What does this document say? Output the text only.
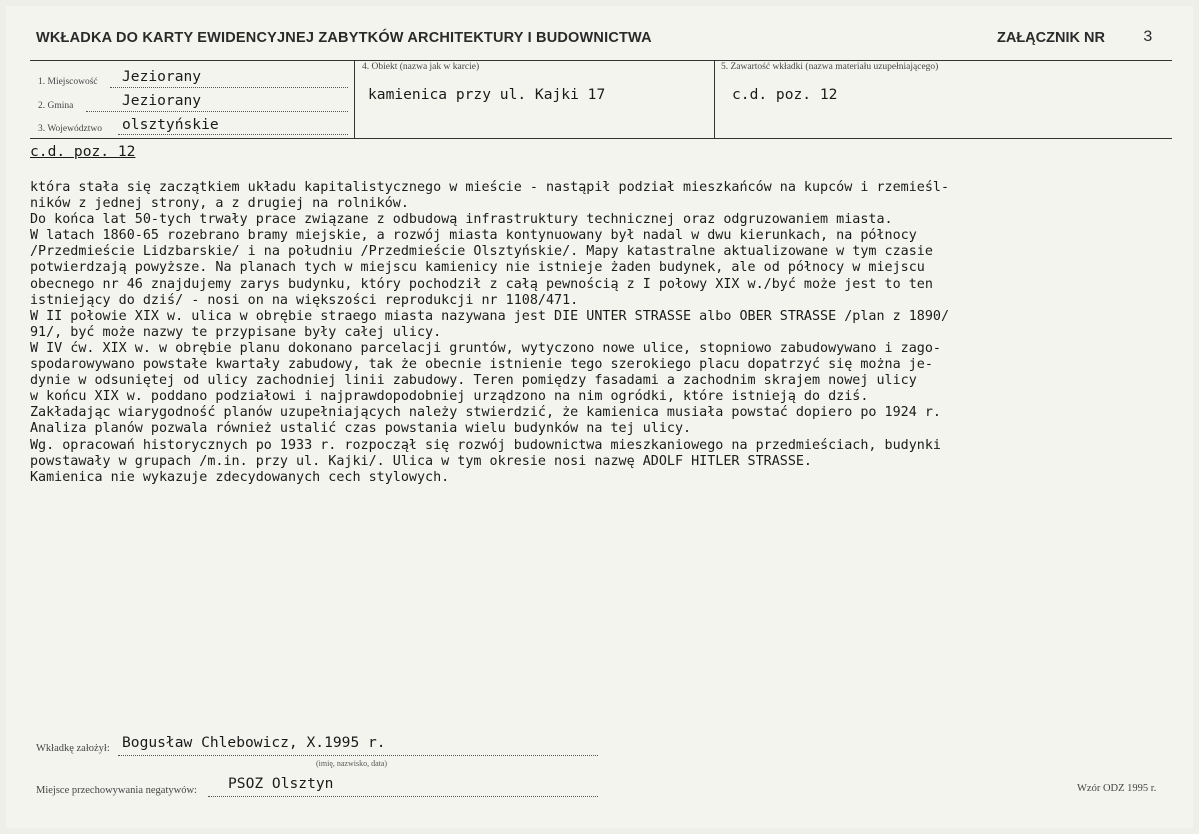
WKŁADKA DO KARTY EWIDENCYJNEJ ZABYTKÓW ARCHITEKTURY I BUDOWNICTWA	ZAŁĄCZNIK NR 3
1. Miejscowość Jeziorany
2. Gmina	Jeziorany
3. Województwo olsztyńskie
4. Obiekt (nazwa jak w karcie)
kamienica przy ul. Kajki 17
5. Zawartość wkładki (nazwa materiału uzupełniającego)
c.d. poz. 12
c.d. poz. 12
która stała się zaczątkiem układu kapitalistycznego w mieście - nastąpił podział mieszkańców na kupców i rzemieśl-
ników z jednej strony, a z drugiej na rolników.
Do końca lat 50-tych trwały prace związane z odbudową infrastruktury technicznej oraz odgruzowaniem miasta.
W latach 1860-65 rozebrano bramy miejskie, a rozwój miasta kontynuowany był nadal w dwu kierunkach, na północy
/Przedmieście Lidzbarskie/ i na południu /Przedmieście Olsztyńskie/. Mapy katastralne aktualizowane w tym czasie
potwierdzają powyższe. Na planach tych w miejscu kamienicy nie istnieje żaden budynek, ale od północy w miejscu
obecnego nr 46 znajdujemy zarys budynku, który pochodził z całą pewnością z I połowy XIX w./być może jest to ten
istniejący do dziś/ - nosi on na większości reprodukcji nr 1108/471.
W II połowie XIX w. ulica w obrębie straego miasta nazywana jest DIE UNTER STRASSE albo OBER STRASSE /plan z 1890/
91/, być może nazwy te przypisane były całej ulicy.
W IV ćw. XIX w. w obrębie planu dokonano parcelacji gruntów, wytyczono nowe ulice, stopniowo zabudowywano i zago-
spodarowywano powstałe kwartały zabudowy, tak że obecnie istnienie tego szerokiego placu dopatrzyć się można je-
dynie w odsuniętej od ulicy zachodniej linii zabudowy. Teren pomiędzy fasadami a zachodnim skrajem nowej ulicy
w końcu XIX w. poddano podziałowi i najprawdopodobniej urządzono na nim ogródki, które istnieją do dziś.
Zakładając wiarygodność planów uzupełniających należy stwierdzić, że kamienica musiała powstać dopiero po 1924 r.
Analiza planów pozwala również ustalić czas powstania wielu budynków na tej ulicy.
Wg. opracowań historycznych po 1933 r. rozpoczął się rozwój budownictwa mieszkaniowego na przedmieściach, budynki
powstawały w grupach /m.in. przy ul. Kajki/. Ulica w tym okresie nosi nazwę ADOLF HITLER STRASSE.
Kamienica nie wykazuje zdecydowanych cech stylowych.
Wkładkę założył: Bogusław Chlebowicz, X.1995 r.
(imię, nazwisko, data)
Miejsce przechowywania negatywów: PSOZ Olsztyn	Wzór ODZ 1995 r.
